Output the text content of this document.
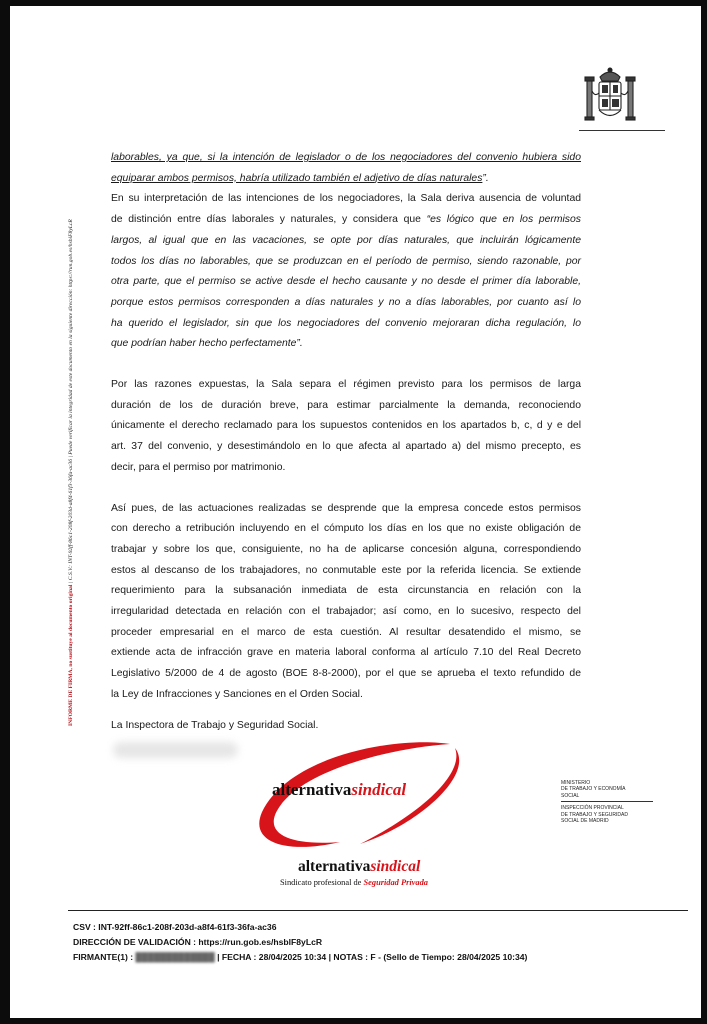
INFORME DE FIRMA, no sustituye al documento original | C.S.V.: INT-92ff-86c1-208f-203d-a8f4-61f3-36fa-ac36 | Puede verificar la integridad de este documento en la siguiente dirección: https://run.gob.es/hsblF8yLcR

laborables, ya que, si la intención de legislador o de los negociadores del convenio hubiera sido
equiparar ambos permisos, habría utilizado también el adjetivo de días naturales”.

En su interpretación de las intenciones de los negociadores, la Sala deriva ausencia de voluntad
de distinción entre días laborales y naturales, y considera que “es lógico que en los permisos
largos, al igual que en las vacaciones, se opte por días naturales, que incluirán lógicamente
todos los días no laborables, que se produzcan en el período de permiso, siendo razonable, por
otra parte, que el permiso se active desde el hecho causante y no desde el primer día laborable,
porque estos permisos corresponden a días naturales y no a días laborables, por cuanto así lo
ha querido el legislador, sin que los negociadores del convenio mejoraran dicha regulación, lo
que podrían haber hecho perfectamente”.

Por las razones expuestas, la Sala separa el régimen previsto para los permisos de larga
duración de los de duración breve, para estimar parcialmente la demanda, reconociendo
únicamente el derecho reclamado para los supuestos contenidos en los apartados b, c, d y e del
art. 37 del convenio, y desestimándolo en lo que afecta al apartado a) del mismo precepto, es
decir, para el permiso por matrimonio.

Así pues, de las actuaciones realizadas se desprende que la empresa concede estos permisos
con derecho a retribución incluyendo en el cómputo los días en los que no existe obligación de
trabajar y sobre los que, consiguiente, no ha de aplicarse concesión alguna, correspondiendo
estos al descanso de los trabajadores, no conmutable este por la referida licencia. Se extiende
requerimiento para la subsanación inmediata de esta circunstancia en relación con la
irregularidad detectada en relación con el trabajador; así como, en lo sucesivo, respecto del
proceder empresarial en el marco de esta cuestión. Al resultar desatendido el mismo, se
extiende acta de infracción grave en materia laboral conforma al artículo 7.10 del Real Decreto
Legislativo 5/2000 de 4 de agosto (BOE 8-8-2000), por el que se aprueba el texto refundido de
la Ley de Infracciones y Sanciones en el Orden Social.

La Inspectora de Trabajo y Seguridad Social.
alternativasindical
alternativasindical
Sindicato profesional de Seguridad Privada
MINISTERIO
DE TRABAJO Y ECONOMÍA
SOCIAL
INSPECCIÓN PROVINCIAL
DE TRABAJO Y SEGURIDAD
SOCIAL DE MADRID
CSV : INT-92ff-86c1-208f-203d-a8f4-61f3-36fa-ac36
DIRECCIÓN DE VALIDACIÓN : https://run.gob.es/hsblF8yLcR
FIRMANTE(1) : █████████████ | FECHA : 28/04/2025 10:34 | NOTAS : F - (Sello de Tiempo: 28/04/2025 10:34)
